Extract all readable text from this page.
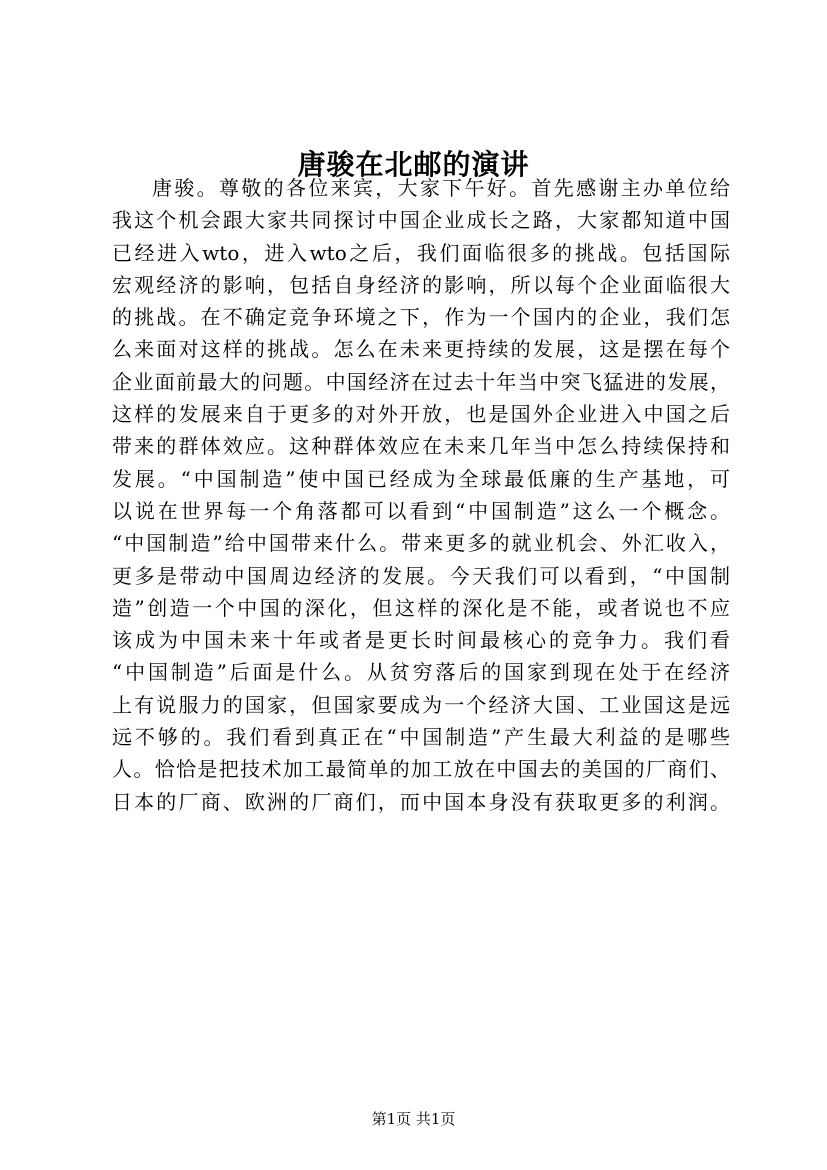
唐骏在北邮的演讲
唐骏。尊敬的各位来宾，大家下午好。首先感谢主办单位给
我这个机会跟大家共同探讨中国企业成长之路，大家都知道中国
已经进入wto，进入wto之后，我们面临很多的挑战。包括国际
宏观经济的影响，包括自身经济的影响，所以每个企业面临很大
的挑战。在不确定竞争环境之下，作为一个国内的企业，我们怎
么来面对这样的挑战。怎么在未来更持续的发展，这是摆在每个
企业面前最大的问题。中国经济在过去十年当中突飞猛进的发展，
这样的发展来自于更多的对外开放，也是国外企业进入中国之后
带来的群体效应。这种群体效应在未来几年当中怎么持续保持和
发展。“中国制造”使中国已经成为全球最低廉的生产基地，可
以说在世界每一个角落都可以看到“中国制造”这么一个概念。
“中国制造”给中国带来什么。带来更多的就业机会、外汇收入，
更多是带动中国周边经济的发展。今天我们可以看到，“中国制
造”创造一个中国的深化，但这样的深化是不能，或者说也不应
该成为中国未来十年或者是更长时间最核心的竞争力。我们看
“中国制造”后面是什么。从贫穷落后的国家到现在处于在经济
上有说服力的国家，但国家要成为一个经济大国、工业国这是远
远不够的。我们看到真正在“中国制造”产生最大利益的是哪些
人。恰恰是把技术加工最简单的加工放在中国去的美国的厂商们、
日本的厂商、欧洲的厂商们，而中国本身没有获取更多的利润。
第1页 共1页
